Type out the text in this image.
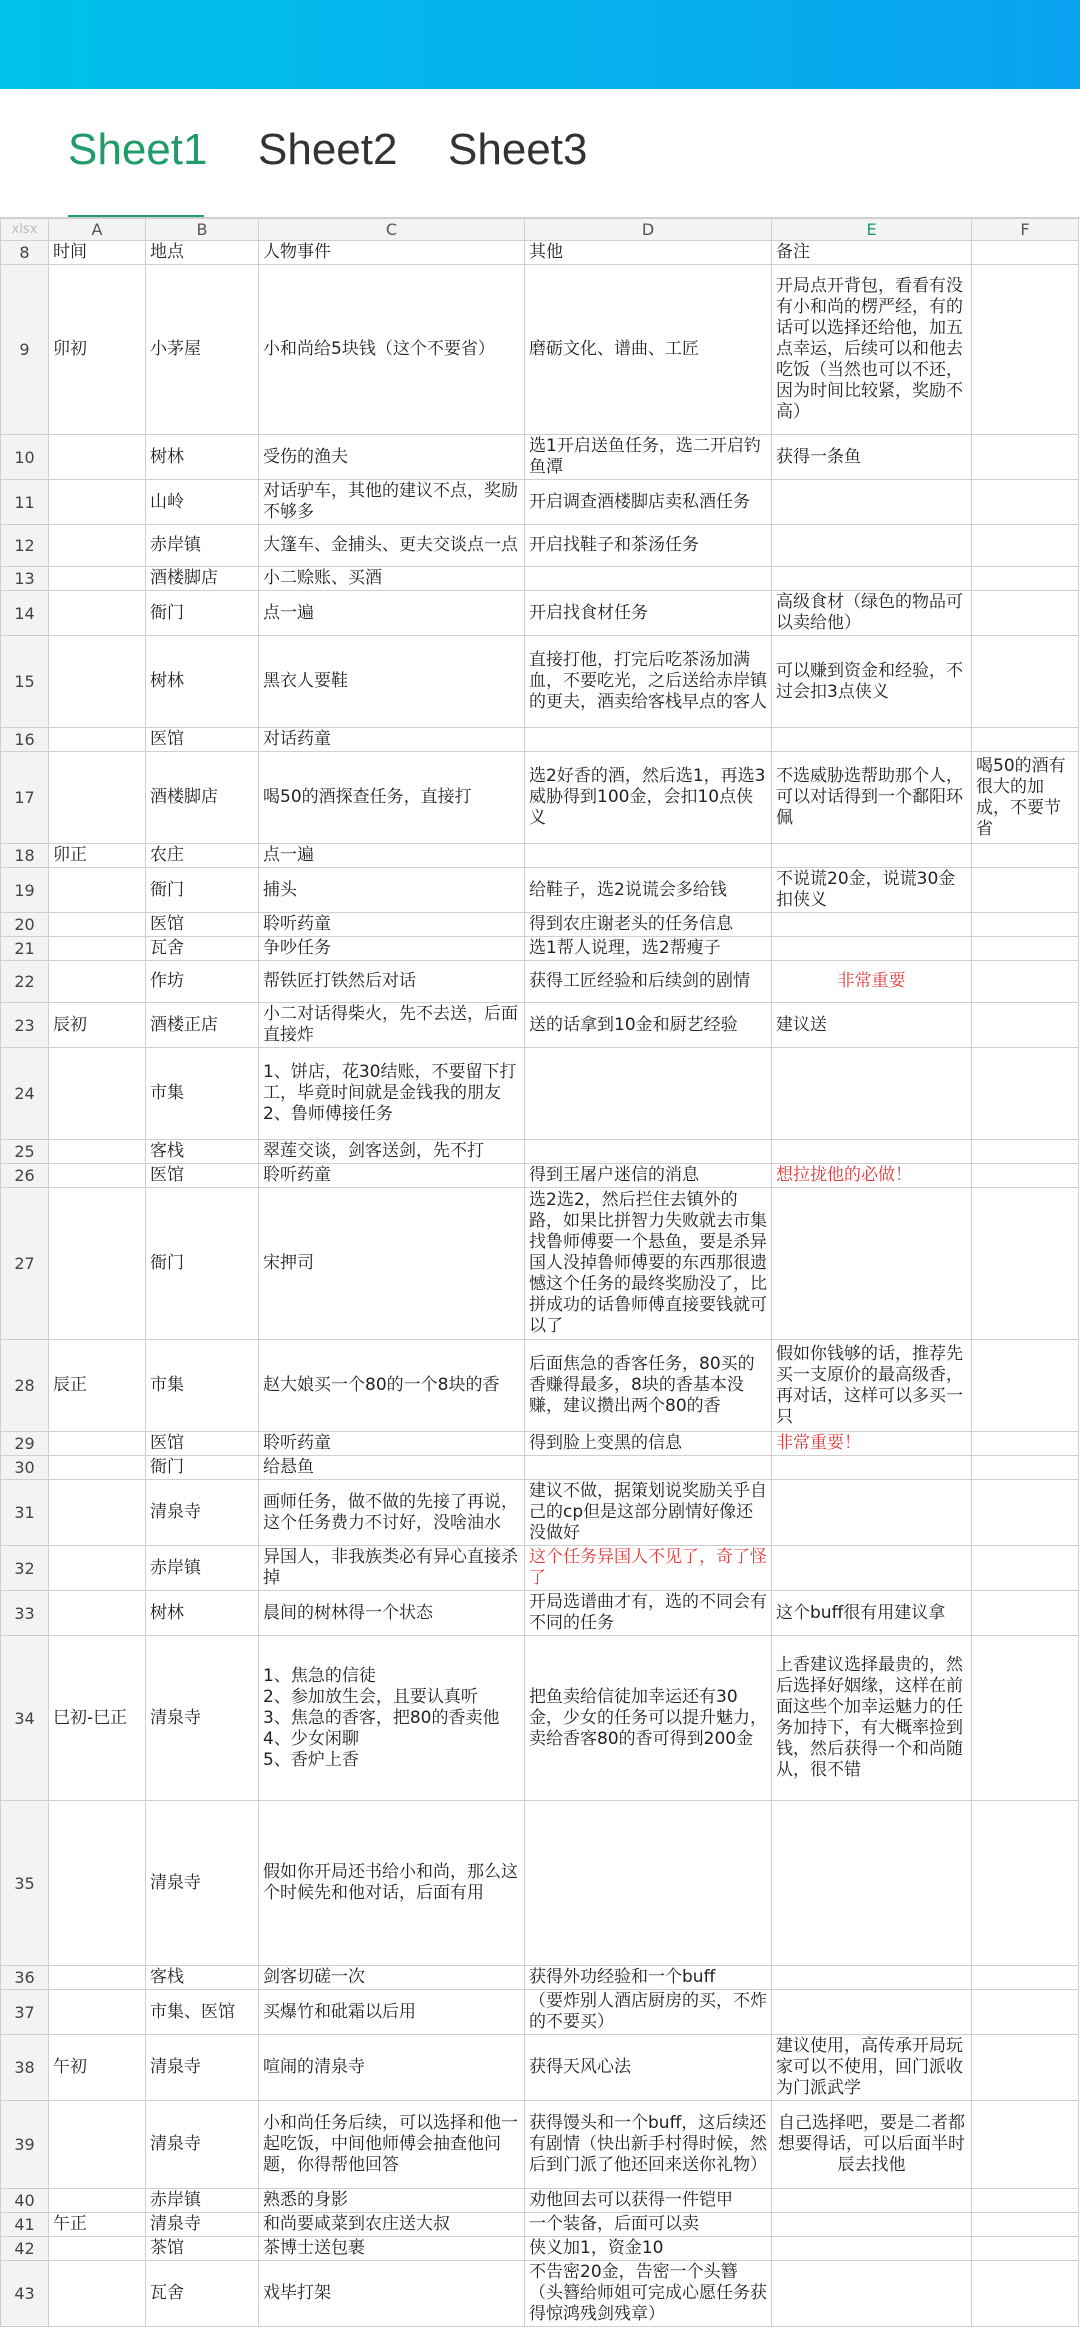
Sheet1 Sheet2 Sheet3
xlsx	A	B	C	D	E	F
8	时间	地点	人物事件	其他	备注	
9	卯初	小茅屋	小和尚给5块钱（这个不要省）	磨砺文化、谱曲、工匠	开局点开背包，看看有没有小和尚的楞严经，有的话可以选择还给他，加五点幸运，后续可以和他去吃饭（当然也可以不还，因为时间比较紧，奖励不高）	
10		树林	受伤的渔夫	选1开启送鱼任务，选二开启钓鱼潭	获得一条鱼	
11		山岭	对话驴车，其他的建议不点，奖励不够多	开启调查酒楼脚店卖私酒任务		
12		赤岸镇	大篷车、金捕头、更夫交谈点一点	开启找鞋子和茶汤任务		
13		酒楼脚店	小二赊账、买酒			
14		衙门	点一遍	开启找食材任务	高级食材（绿色的物品可以卖给他）	
15		树林	黑衣人要鞋	直接打他，打完后吃茶汤加满血，不要吃光，之后送给赤岸镇的更夫，酒卖给客栈早点的客人	可以赚到资金和经验，不过会扣3点侠义	
16		医馆	对话药童			
17		酒楼脚店	喝50的酒探查任务，直接打	选2好香的酒，然后选1，再选3威胁得到100金，会扣10点侠义	不选威胁选帮助那个人，可以对话得到一个鄱阳环佩	喝50的酒有很大的加成，不要节省
18	卯正	农庄	点一遍			
19		衙门	捕头	给鞋子，选2说谎会多给钱	不说谎20金，说谎30金扣侠义	
20		医馆	聆听药童	得到农庄谢老头的任务信息		
21		瓦舍	争吵任务	选1帮人说理，选2帮瘦子		
22		作坊	帮铁匠打铁然后对话	获得工匠经验和后续剑的剧情	非常重要	
23	辰初	酒楼正店	小二对话得柴火，先不去送，后面直接炸	送的话拿到10金和厨艺经验	建议送	
24		市集	1、饼店，花30结账，不要留下打工，毕竟时间就是金钱我的朋友
2、鲁师傅接任务			
25		客栈	翠莲交谈，剑客送剑，先不打			
26		医馆	聆听药童	得到王屠户迷信的消息	想拉拢他的必做！	
27		衙门	宋押司	选2选2，然后拦住去镇外的路，如果比拼智力失败就去市集找鲁师傅要一个悬鱼，要是杀异国人没掉鲁师傅要的东西那很遗憾这个任务的最终奖励没了，比拼成功的话鲁师傅直接要钱就可以了		
28	辰正	市集	赵大娘买一个80的一个8块的香	后面焦急的香客任务，80买的香赚得最多，8块的香基本没赚，建议攒出两个80的香	假如你钱够的话，推荐先买一支原价的最高级香，再对话，这样可以多买一只	
29		医馆	聆听药童	得到脸上变黑的信息	非常重要！	
30		衙门	给悬鱼			
31		清泉寺	画师任务，做不做的先接了再说，这个任务费力不讨好，没啥油水	建议不做，据策划说奖励关乎自己的cp但是这部分剧情好像还没做好		
32		赤岸镇	异国人，非我族类必有异心直接杀掉	这个任务异国人不见了，奇了怪了		
33		树林	晨间的树林得一个状态	开局选谱曲才有，选的不同会有不同的任务	这个buff很有用建议拿	
34	巳初-巳正	清泉寺	1、焦急的信徒
2、参加放生会，且要认真听
3、焦急的香客，把80的香卖他
4、少女闲聊
5、香炉上香	把鱼卖给信徒加幸运还有30金，少女的任务可以提升魅力，卖给香客80的香可得到200金	上香建议选择最贵的，然后选择好姻缘，这样在前面这些个加幸运魅力的任务加持下，有大概率捡到钱，然后获得一个和尚随从，很不错	
35		清泉寺	假如你开局还书给小和尚，那么这个时候先和他对话，后面有用			
36		客栈	剑客切磋一次	获得外功经验和一个buff		
37		市集、医馆	买爆竹和砒霜以后用	（要炸别人酒店厨房的买，不炸的不要买）		
38	午初	清泉寺	喧闹的清泉寺	获得天风心法	建议使用，高传承开局玩家可以不使用，回门派收为门派武学	
39		清泉寺	小和尚任务后续，可以选择和他一起吃饭，中间他师傅会抽查他问题，你得帮他回答	获得馒头和一个buff，这后续还有剧情（快出新手村得时候，然后到门派了他还回来送你礼物）	自己选择吧，要是二者都想要得话，可以后面半时辰去找他	
40		赤岸镇	熟悉的身影	劝他回去可以获得一件铠甲		
41	午正	清泉寺	和尚要咸菜到农庄送大叔	一个装备，后面可以卖		
42		茶馆	茶博士送包裹	侠义加1，资金10		
43		瓦舍	戏毕打架	不告密20金，告密一个头簪（头簪给师姐可完成心愿任务获得惊鸿残剑残章）		
